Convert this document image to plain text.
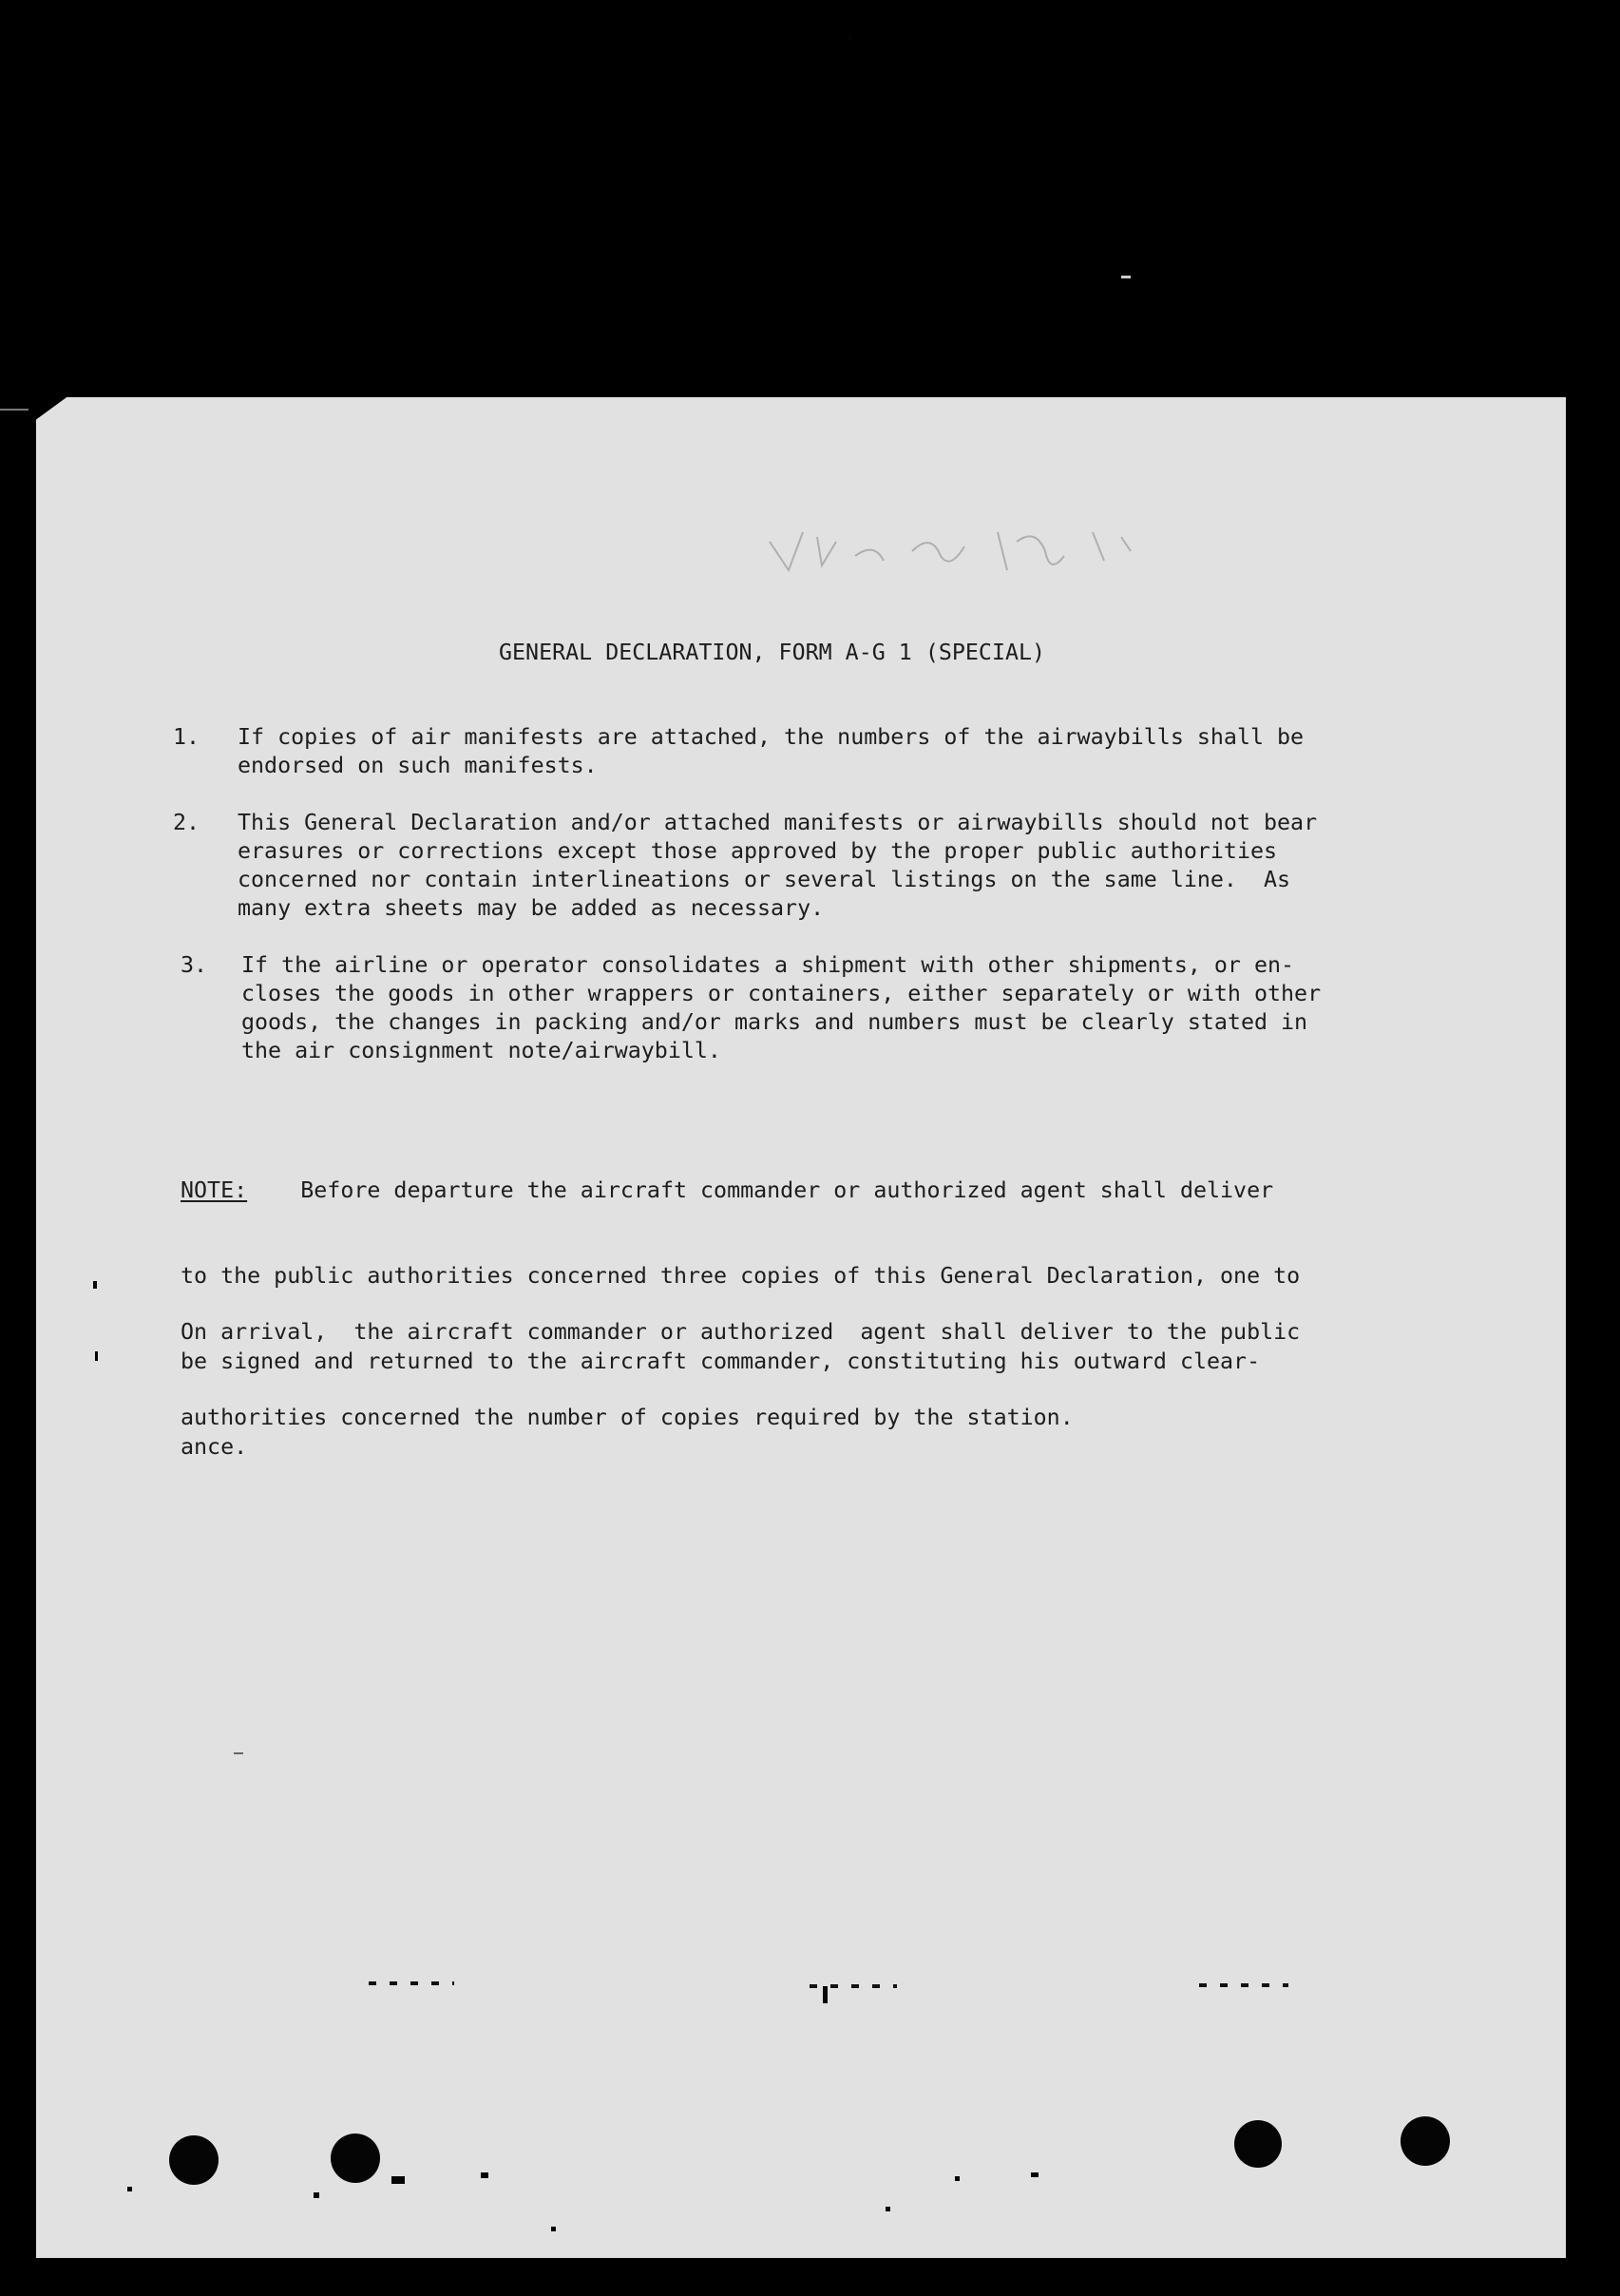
GENERAL DECLARATION, FORM A-G 1 (SPECIAL)

1.

If copies of air manifests are attached, the numbers of the airwaybills shall be
endorsed on such manifests.

2.

This General Declaration and/or attached manifests or airwaybills should not bear
erasures or corrections except those approved by the proper public authorities
concerned nor contain interlineations or several listings on the same line.  As
many extra sheets may be added as necessary.

3.

If the airline or operator consolidates a shipment with other shipments, or en-
closes the goods in other wrappers or containers, either separately or with other
goods, the changes in packing and/or marks and numbers must be clearly stated in
the air consignment note/airwaybill.

NOTE:    Before departure the aircraft commander or authorized agent shall deliver

to the public authorities concerned three copies of this General Declaration, one to

be signed and returned to the aircraft commander, constituting his outward clear-

ance.

On arrival,  the aircraft commander or authorized  agent shall deliver to the public

authorities concerned the number of copies required by the station.
